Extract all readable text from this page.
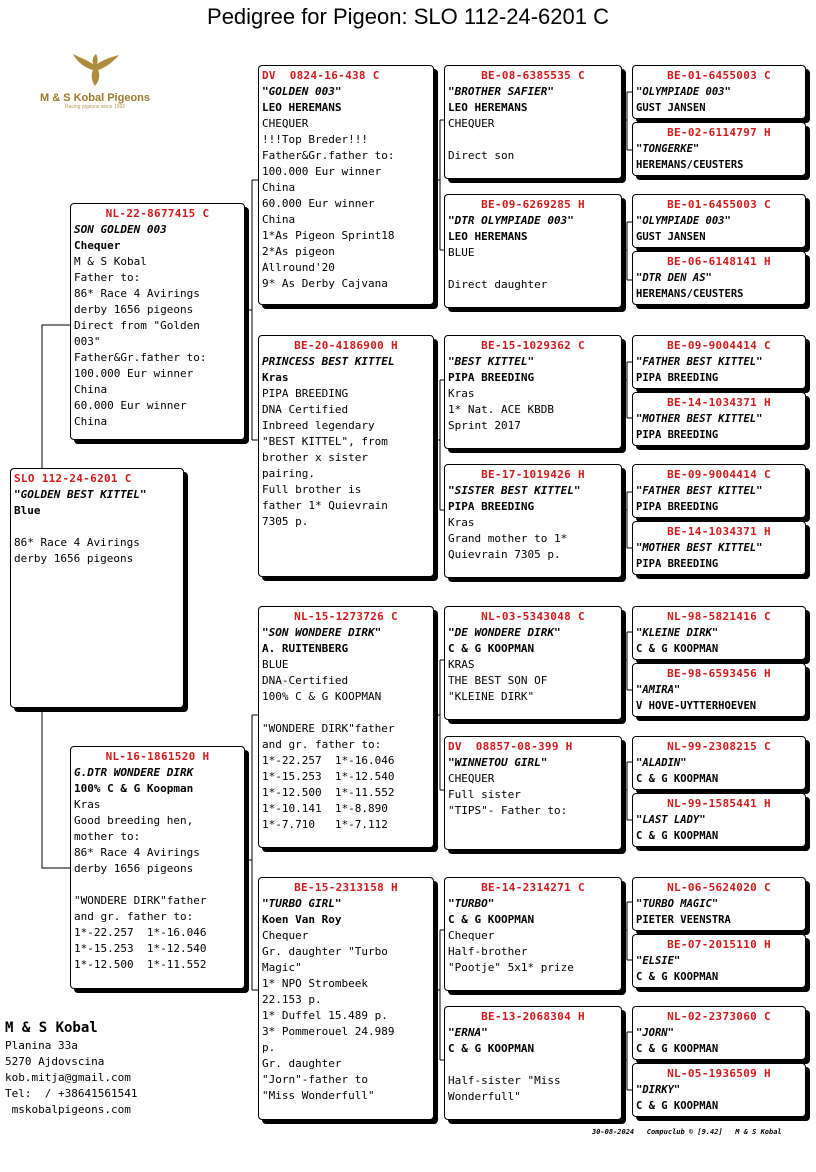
Pedigree for Pigeon: SLO 112-24-6201 C
M & S Kobal Pigeons
Racing pigeons since 1992
SLO 112-24-6201 C
"GOLDEN BEST KITTEL"
Blue
86* Race 4 Avirings
derby 1656 pigeons
NL-22-8677415 C
SON GOLDEN 003
Chequer
M & S Kobal
Father to:
86* Race 4 Avirings
derby 1656 pigeons
Direct from "Golden
003"
Father&Gr.father to:
100.000 Eur winner
China
60.000 Eur winner
China
NL-16-1861520 H
G.DTR WONDERE DIRK
100% C & G Koopman
Kras
Good breeding hen,
mother to:
86* Race 4 Avirings
derby 1656 pigeons
"WONDERE DIRK"father
and gr. father to:
1*-22.257  1*-16.046
1*-15.253  1*-12.540
1*-12.500  1*-11.552
DV  0824-16-438 C
"GOLDEN 003"
LEO HEREMANS
CHEQUER
!!!Top Breder!!!
Father&Gr.father to:
100.000 Eur winner
China
60.000 Eur winner
China
1*As Pigeon Sprint18
2*As pigeon
Allround'20
9* As Derby Cajvana
BE-20-4186900 H
PRINCESS BEST KITTEL
Kras
PIPA BREEDING
DNA Certified
Inbreed legendary
"BEST KITTEL", from
brother x sister
pairing.
Full brother is
father 1* Quievrain
7305 p.
NL-15-1273726 C
"SON WONDERE DIRK"
A. RUITENBERG
BLUE
DNA-Certified
100% C & G KOOPMAN
"WONDERE DIRK"father
and gr. father to:
1*-22.257  1*-16.046
1*-15.253  1*-12.540
1*-12.500  1*-11.552
1*-10.141  1*-8.890
1*-7.710   1*-7.112
BE-15-2313158 H
"TURBO GIRL"
Koen Van Roy
Chequer
Gr. daughter "Turbo
Magic"
1* NPO Strombeek
22.153 p.
1* Duffel 15.489 p.
3* Pommerouel 24.989
p.
Gr. daughter
"Jorn"-father to
"Miss Wonderfull"
BE-08-6385535 C
"BROTHER SAFIER"
LEO HEREMANS
CHEQUER
Direct son
BE-09-6269285 H
"DTR OLYMPIADE 003"
LEO HEREMANS
BLUE
Direct daughter
BE-15-1029362 C
"BEST KITTEL"
PIPA BREEDING
Kras
1* Nat. ACE KBDB
Sprint 2017
BE-17-1019426 H
"SISTER BEST KITTEL"
PIPA BREEDING
Kras
Grand mother to 1*
Quievrain 7305 p.
NL-03-5343048 C
"DE WONDERE DIRK"
C & G KOOPMAN
KRAS
THE BEST SON OF
"KLEINE DIRK"
DV  08857-08-399 H
"WINNETOU GIRL"
CHEQUER
Full sister
"TIPS"- Father to:
BE-14-2314271 C
"TURBO"
C & G KOOPMAN
Chequer
Half-brother
"Pootje" 5x1* prize
BE-13-2068304 H
"ERNA"
C & G KOOPMAN
Half-sister "Miss
Wonderfull"
BE-01-6455003 C
"OLYMPIADE 003"
GUST JANSEN
BE-02-6114797 H
"TONGERKE"
HEREMANS/CEUSTERS
BE-01-6455003 C
"OLYMPIADE 003"
GUST JANSEN
BE-06-6148141 H
"DTR DEN AS"
HEREMANS/CEUSTERS
BE-09-9004414 C
"FATHER BEST KITTEL"
PIPA BREEDING
BE-14-1034371 H
"MOTHER BEST KITTEL"
PIPA BREEDING
BE-09-9004414 C
"FATHER BEST KITTEL"
PIPA BREEDING
BE-14-1034371 H
"MOTHER BEST KITTEL"
PIPA BREEDING
NL-98-5821416 C
"KLEINE DIRK"
C & G KOOPMAN
BE-98-6593456 H
"AMIRA"
V HOVE-UYTTERHOEVEN
NL-99-2308215 C
"ALADIN"
C & G KOOPMAN
NL-99-1585441 H
"LAST LADY"
C & G KOOPMAN
NL-06-5624020 C
"TURBO MAGIC"
PIETER VEENSTRA
BE-07-2015110 H
"ELSIE"
C & G KOOPMAN
NL-02-2373060 C
"JORN"
C & G KOOPMAN
NL-05-1936509 H
"DIRKY"
C & G KOOPMAN
M & S Kobal
Planina 33a
5270 Ajdovscina
kob.mitja@gmail.com
Tel:  / +38641561541
mskobalpigeons.com
30-08-2024   Compuclub © [9.42]   M & S Kobal
